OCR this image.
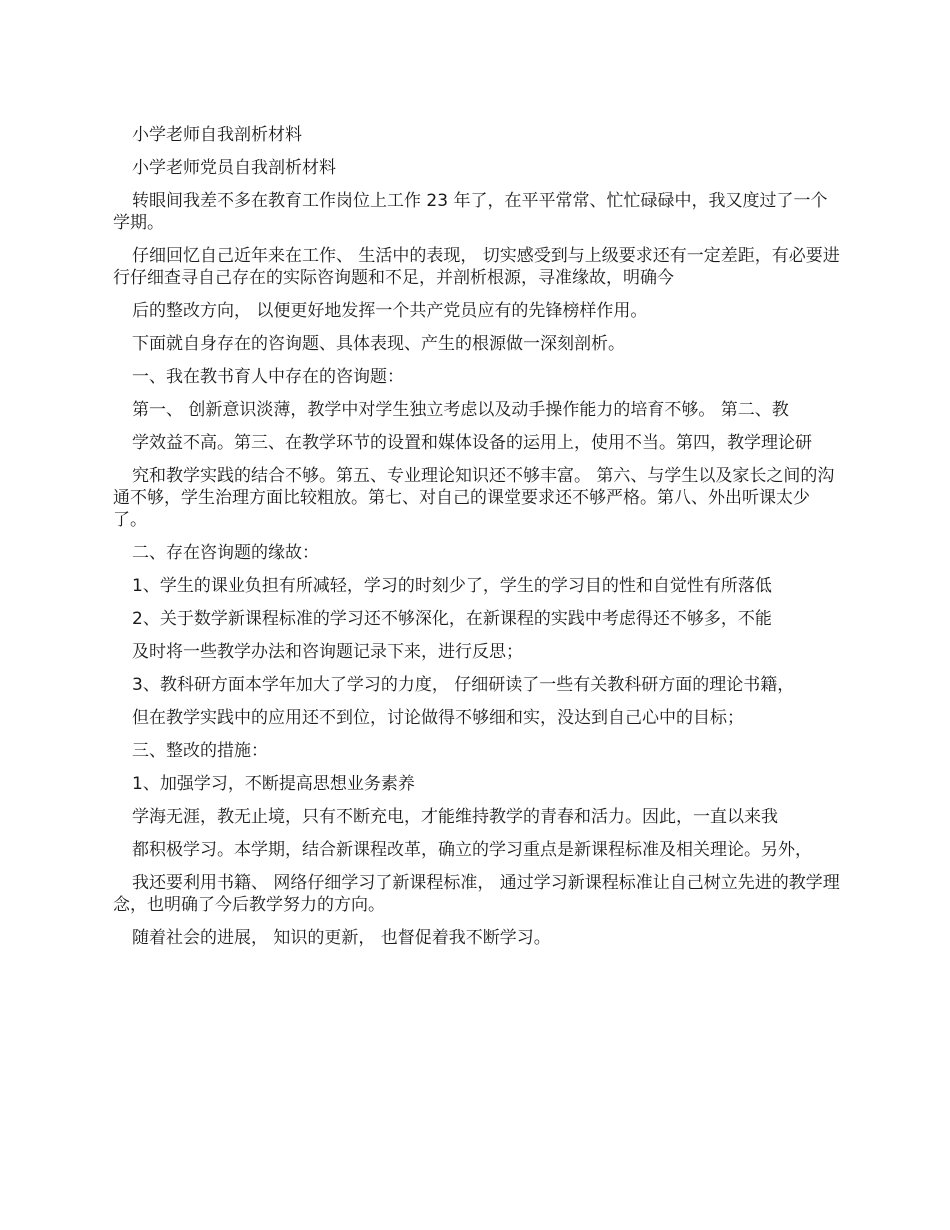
小学老师自我剖析材料

小学老师党员自我剖析材料

转眼间我差不多在教育工作岗位上工作 23 年了，在平平常常、忙忙碌碌中，我又度过了一个学期。

仔细回忆自己近年来在工作、 生活中的表现， 切实感受到与上级要求还有一定差距，有必要进行仔细查寻自己存在的实际咨询题和不足，并剖析根源，寻准缘故，明确今

后的整改方向， 以便更好地发挥一个共产党员应有的先锋榜样作用。

下面就自身存在的咨询题、具体表现、产生的根源做一深刻剖析。

一、我在教书育人中存在的咨询题：

第一、 创新意识淡薄，教学中对学生独立考虑以及动手操作能力的培育不够。 第二、教

学效益不高。第三、在教学环节的设置和媒体设备的运用上，使用不当。第四，教学理论研

究和教学实践的结合不够。第五、专业理论知识还不够丰富。 第六、与学生以及家长之间的沟通不够，学生治理方面比较粗放。第七、对自己的课堂要求还不够严格。第八、外出听课太少了。

二、存在咨询题的缘故：

1、学生的课业负担有所减轻，学习的时刻少了，学生的学习目的性和自觉性有所落低

2、关于数学新课程标准的学习还不够深化，在新课程的实践中考虑得还不够多，不能

及时将一些教学办法和咨询题记录下来，进行反思；

3、教科研方面本学年加大了学习的力度， 仔细研读了一些有关教科研方面的理论书籍，

但在教学实践中的应用还不到位，讨论做得不够细和实，没达到自己心中的目标；

三、整改的措施：

1、加强学习，不断提高思想业务素养

学海无涯，教无止境，只有不断充电，才能维持教学的青春和活力。因此，一直以来我

都积极学习。本学期，结合新课程改革，确立的学习重点是新课程标准及相关理论。另外，

我还要利用书籍、 网络仔细学习了新课程标准， 通过学习新课程标准让自己树立先进的教学理念，也明确了今后教学努力的方向。

随着社会的进展， 知识的更新， 也督促着我不断学习。
